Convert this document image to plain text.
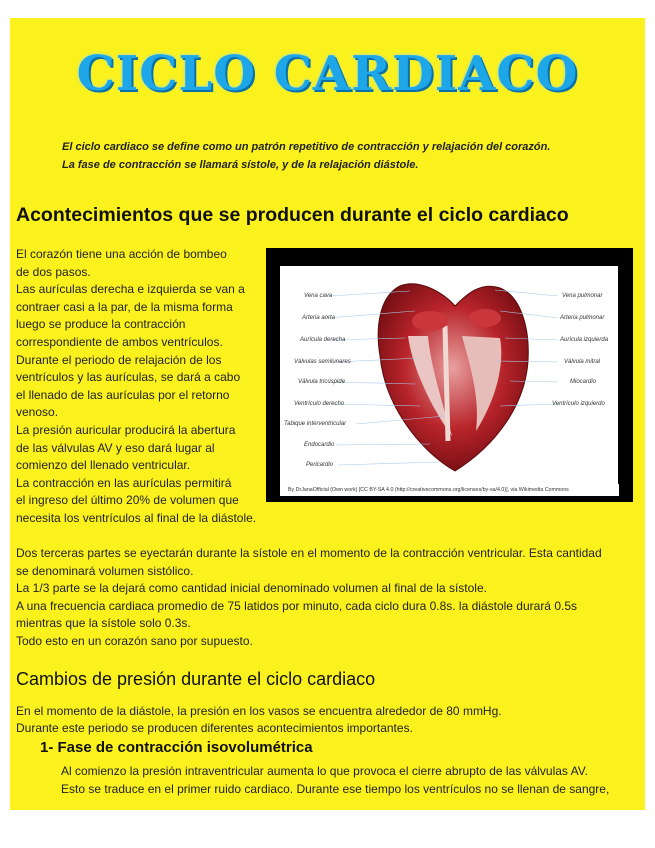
CICLO CARDIACO
El ciclo cardiaco se define como un patrón repetitivo de contracción y relajación del corazón.
La fase de contracción se llamará sístole, y de la relajación diástole.
Acontecimientos que se producen durante el ciclo cardiaco
El corazón tiene una acción de bombeo
de dos pasos.
Las aurículas derecha e izquierda se van a
contraer casi a la par, de la misma forma
luego se produce la contracción
correspondiente de ambos ventrículos.
Durante el periodo de relajación de los
ventrículos y las aurículas, se dará a cabo
el llenado de las aurículas por el retorno
venoso.
La presión auricular producirá la abertura
de las válvulas AV y eso dará lugar al
comienzo del llenado ventricular.
La contracción en las aurículas permitirá
el ingreso del último 20% de volumen que
necesita los ventrículos al final de la diástole.
Vena cava
Arteria aorta
Aurícula derecha
Válvulas semilunares
Válvula tricúspide
Ventrículo derecho
Tabique interventricular
Endocardio
Pericardio
Vena pulmonar
Arteria pulmonar
Aurícula izquierda
Válvula mitral
Miocardio
Ventrículo izquierdo
By DrJanaOfficial (Own work) [CC BY-SA 4.0 (http://creativecommons.org/licenses/by-sa/4.0)], via Wikimedia Commons
Dos terceras partes se eyectarán durante la sístole en el momento de la contracción ventricular. Esta cantidad
se denominará volumen sistólico.
La 1/3 parte se la dejará como cantidad inicial denominado volumen al final de la sístole.
A una frecuencia cardiaca promedio de 75 latidos por minuto, cada ciclo dura 0.8s. la diástole durará 0.5s
mientras que la sístole solo 0.3s.
Todo esto en un corazón sano por supuesto.
Cambios de presión durante el ciclo cardiaco
En el momento de la diástole, la presión en los vasos se encuentra alrededor de 80 mmHg.
Durante este periodo se producen diferentes acontecimientos importantes.
1- Fase de contracción isovolumétrica
Al comienzo la presión intraventricular aumenta lo que provoca el cierre abrupto de las válvulas AV.
Esto se traduce en el primer ruido cardiaco. Durante ese tiempo los ventrículos no se llenan de sangre,
